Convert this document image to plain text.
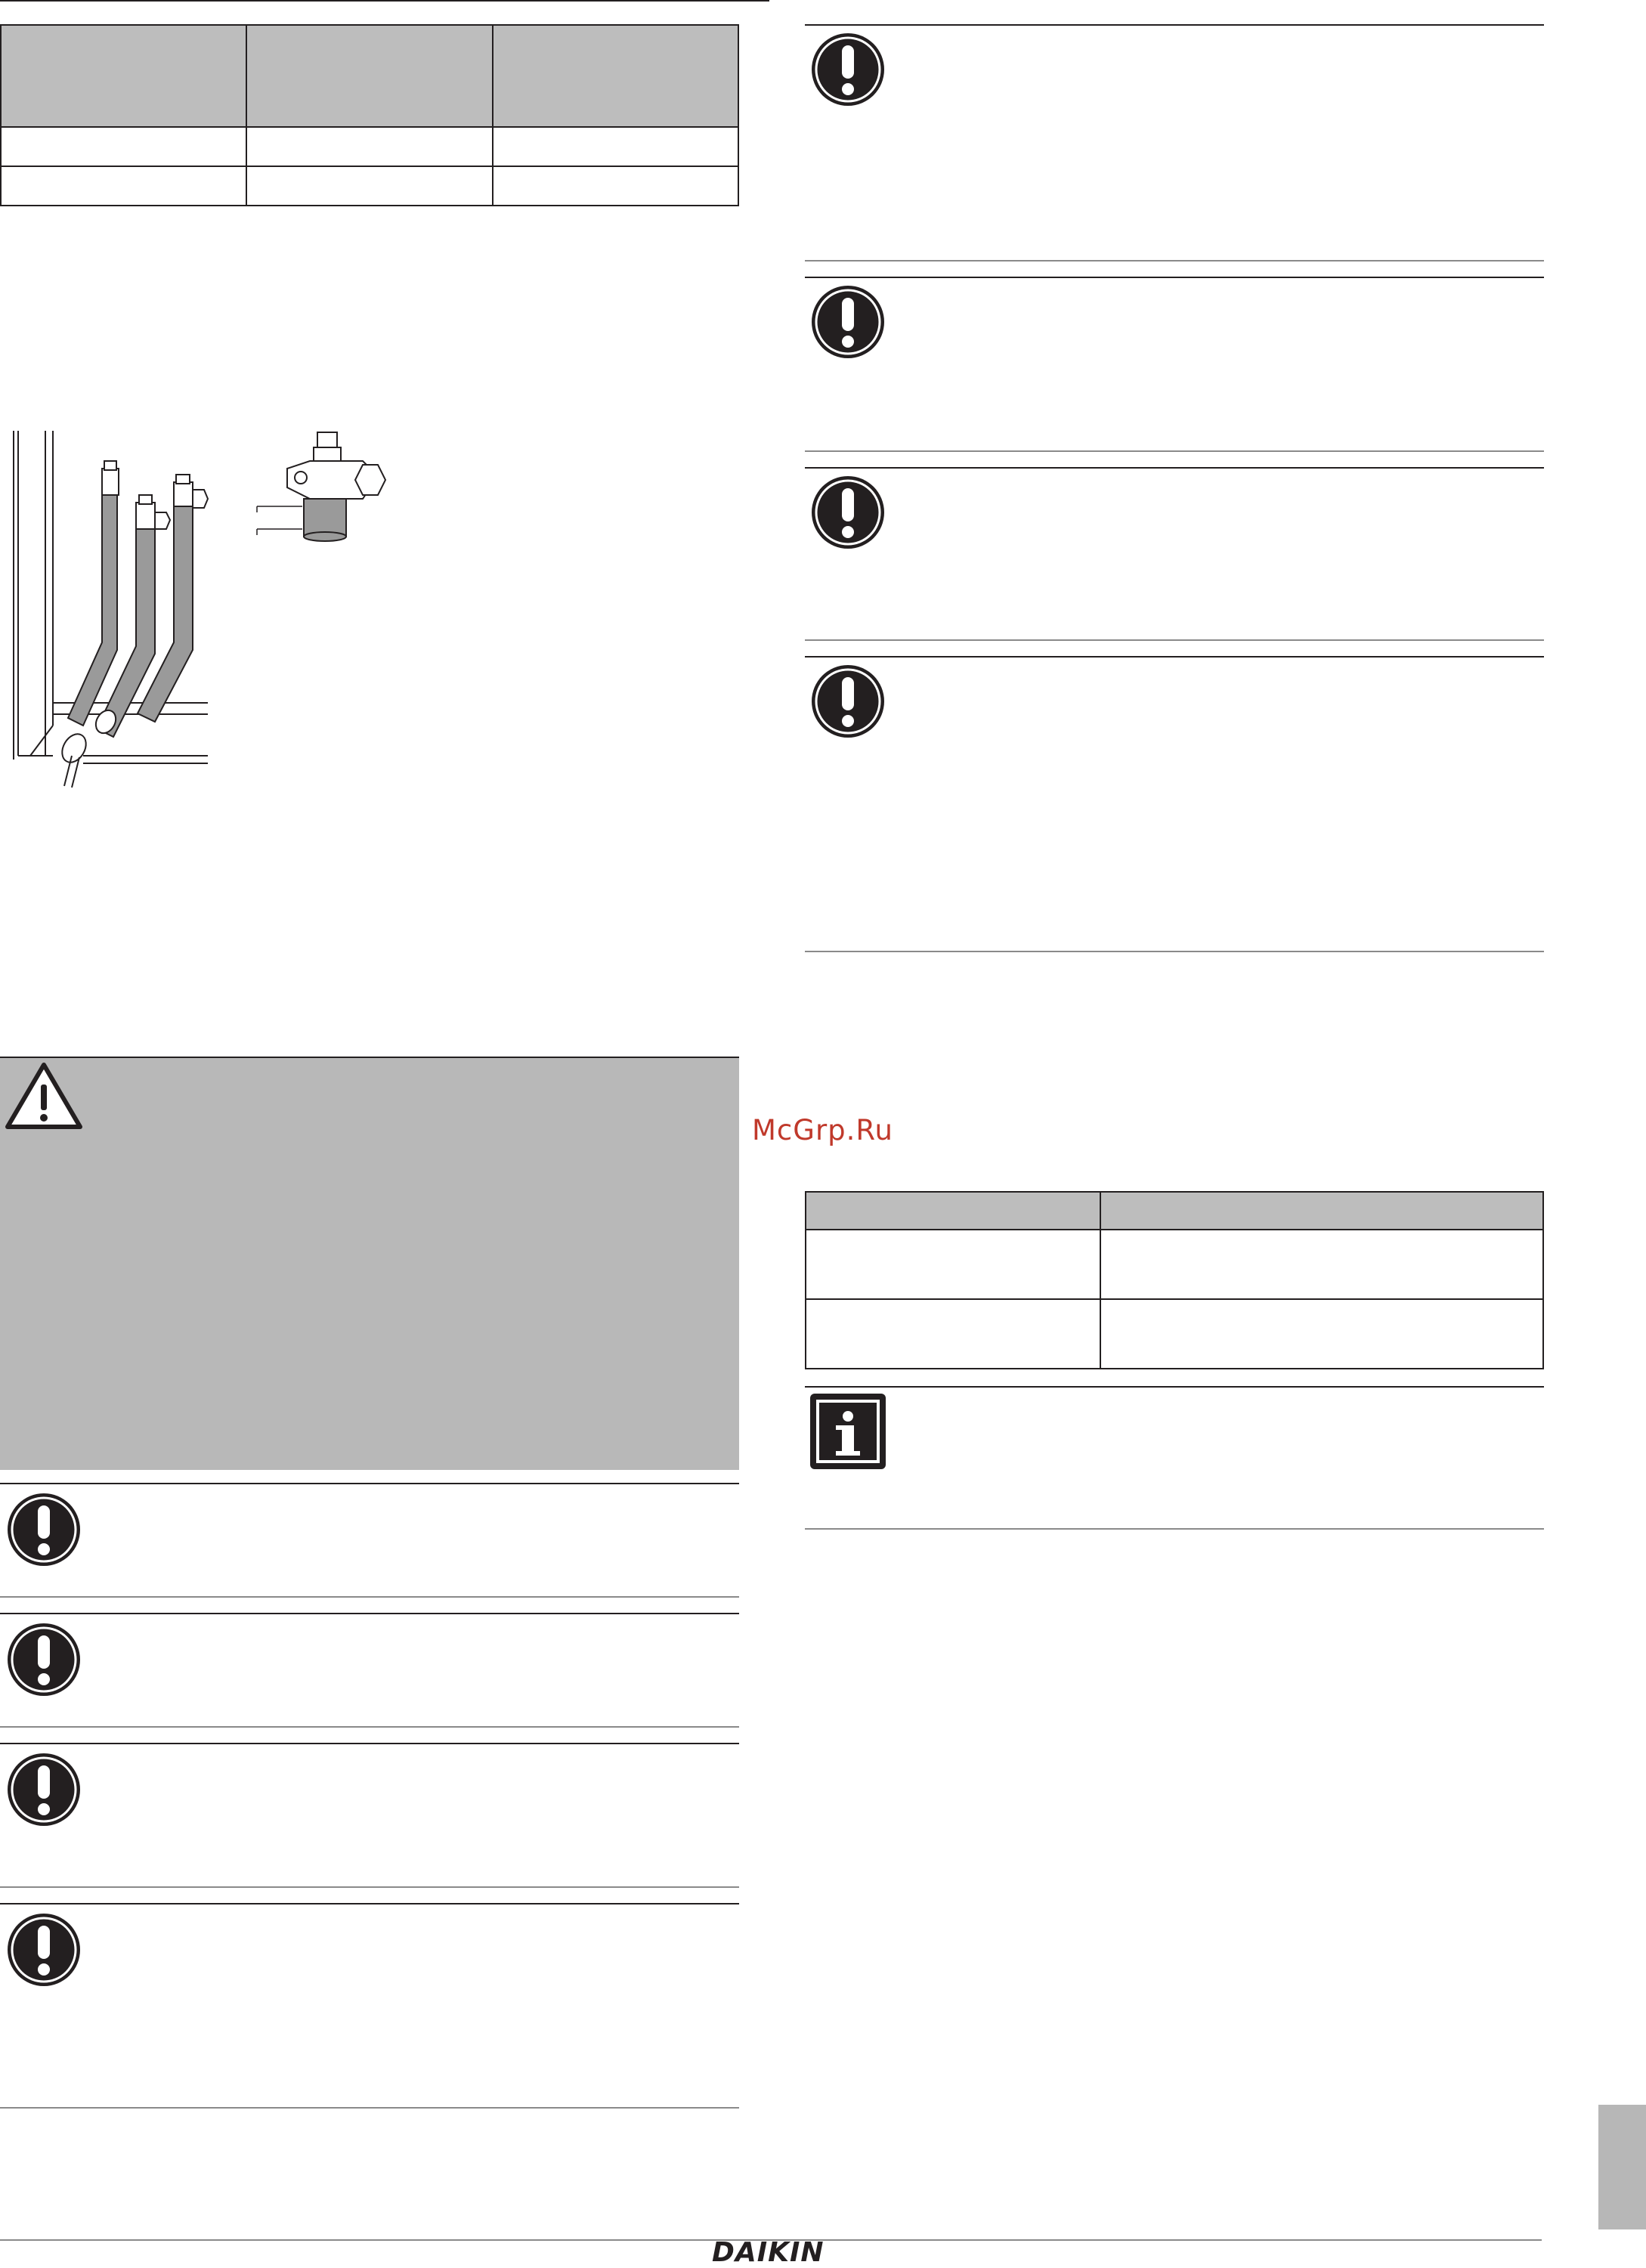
McGrp.Ru

DAIKIN
